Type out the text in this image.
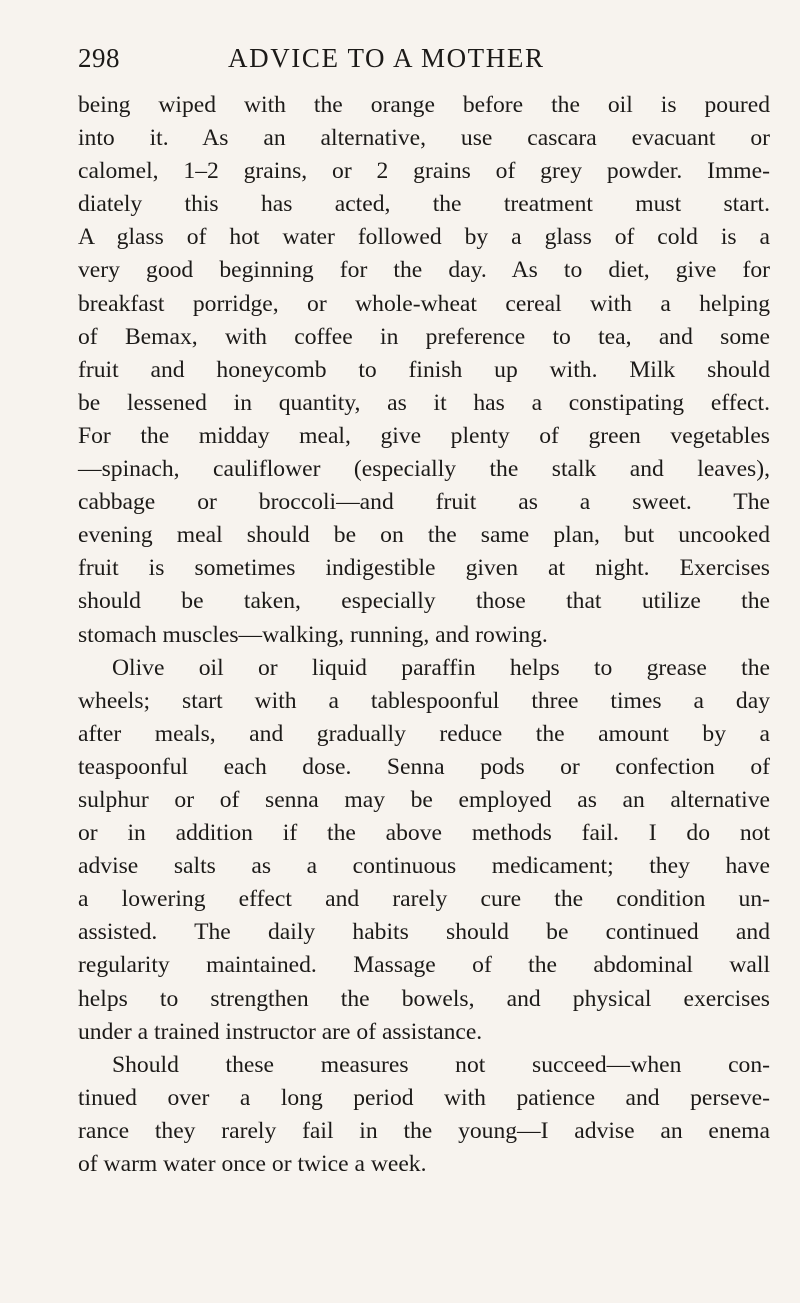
298	ADVICE TO A MOTHER
being wiped with the orange before the oil is poured
into it. As an alternative, use cascara evacuant or
calomel, 1–2 grains, or 2 grains of grey powder. Imme-
diately this has acted, the treatment must start.
A glass of hot water followed by a glass of cold is a
very good beginning for the day. As to diet, give for
breakfast porridge, or whole-wheat cereal with a helping
of Bemax, with coffee in preference to tea, and some
fruit and honeycomb to finish up with. Milk should
be lessened in quantity, as it has a constipating effect.
For the midday meal, give plenty of green vegetables
—spinach, cauliflower (especially the stalk and leaves),
cabbage or broccoli—and fruit as a sweet. The
evening meal should be on the same plan, but uncooked
fruit is sometimes indigestible given at night. Exercises
should be taken, especially those that utilize the
stomach muscles—walking, running, and rowing.
Olive oil or liquid paraffin helps to grease the
wheels; start with a tablespoonful three times a day
after meals, and gradually reduce the amount by a
teaspoonful each dose. Senna pods or confection of
sulphur or of senna may be employed as an alternative
or in addition if the above methods fail. I do not
advise salts as a continuous medicament; they have
a lowering effect and rarely cure the condition un-
assisted. The daily habits should be continued and
regularity maintained. Massage of the abdominal wall
helps to strengthen the bowels, and physical exercises
under a trained instructor are of assistance.
Should these measures not succeed—when con-
tinued over a long period with patience and perseve-
rance they rarely fail in the young—I advise an enema
of warm water once or twice a week.
